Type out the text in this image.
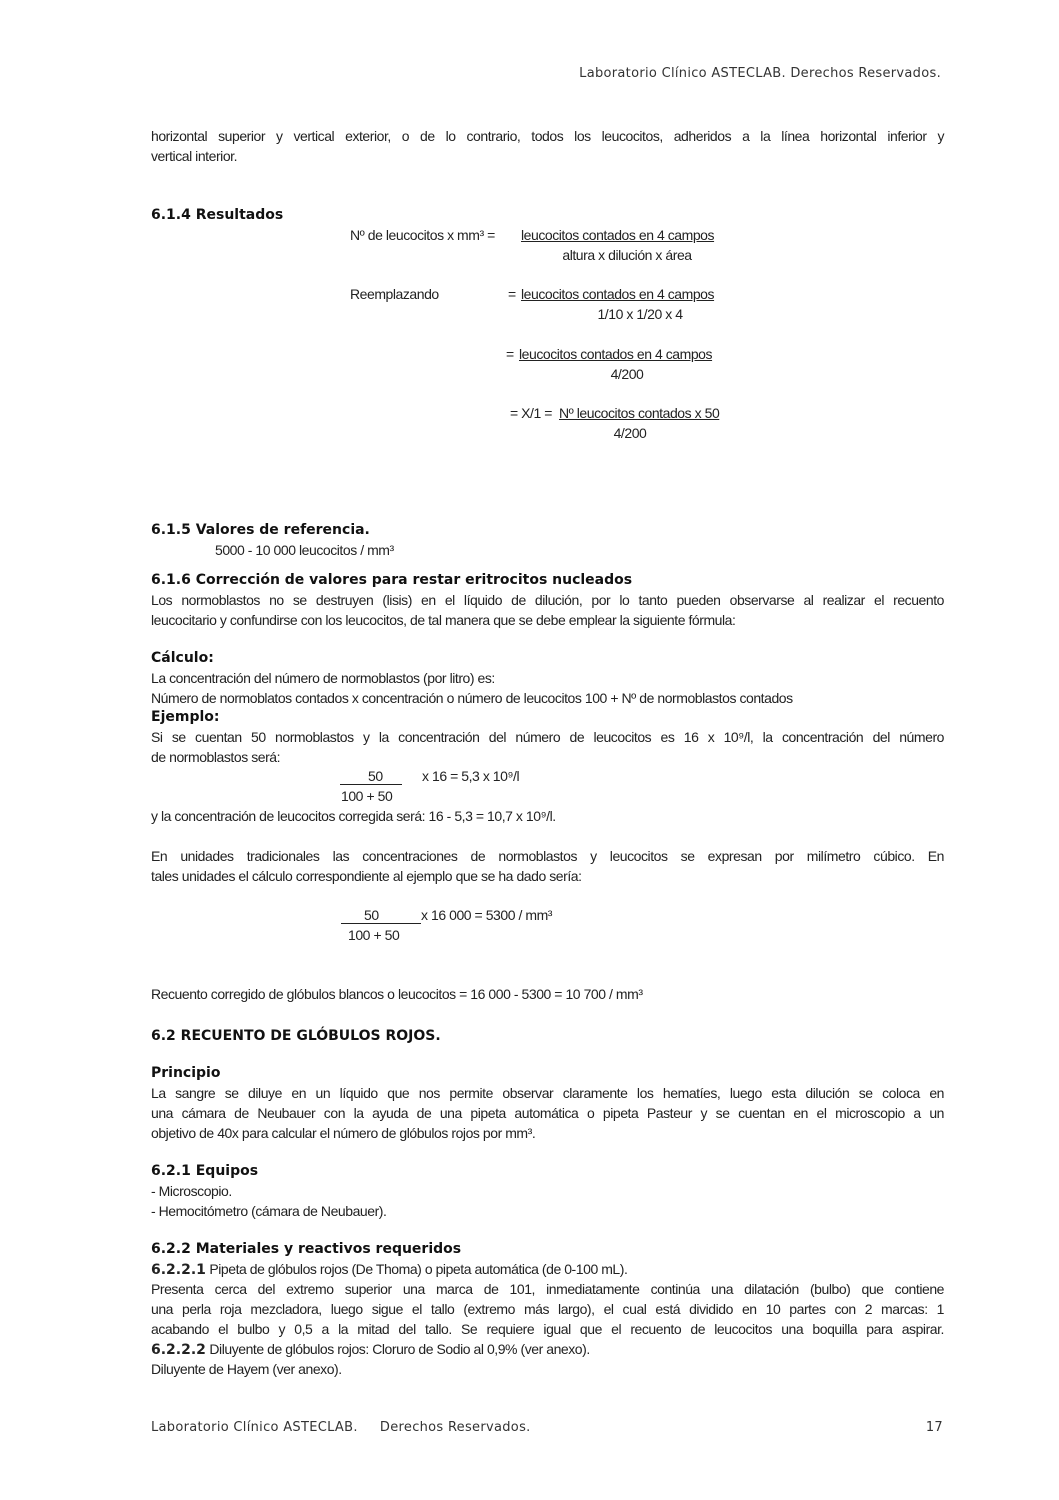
Laboratorio Clínico ASTECLAB. Derechos Reservados.
horizontal superior y vertical exterior, o de lo contrario, todos los leucocitos, adheridos a la línea horizontal inferior y
vertical interior.
6.1.4 Resultados
Nº de leucocitos x mm³ = leucocitos contados en 4 campos
altura x dilución x área
Reemplazando	= leucocitos contados en 4 campos
1/10 x 1/20 x 4
= leucocitos contados en 4 campos
4/200
= X/1 = Nº leucocitos contados x 50
4/200
6.1.5 Valores de referencia.
5000 - 10 000 leucocitos / mm³
6.1.6 Corrección de valores para restar eritrocitos nucleados
Los normoblastos no se destruyen (lisis) en el líquido de dilución, por lo tanto pueden observarse al realizar el recuento
leucocitario y confundirse con los leucocitos, de tal manera que se debe emplear la siguiente fórmula:
Cálculo:
La concentración del número de normoblastos (por litro) es:
Número de normoblatos contados x concentración o número de leucocitos 100 + Nº de normoblastos contados
Ejemplo:
Si se cuentan 50 normoblastos y la concentración del número de leucocitos es 16 x 10⁹/l, la concentración del número
de normoblastos será:
50	x 16 = 5,3 x 10⁹/l
100 + 50
y la concentración de leucocitos corregida será: 16 - 5,3 = 10,7 x 10⁹/l.
En unidades tradicionales las concentraciones de normoblastos y leucocitos se expresan por milímetro cúbico. En
tales unidades el cálculo correspondiente al ejemplo que se ha dado sería:
50	x 16 000 = 5300 / mm³
100 + 50
Recuento corregido de glóbulos blancos o leucocitos = 16 000 - 5300 = 10 700 / mm³
6.2 RECUENTO DE GLÓBULOS ROJOS.
Principio
La sangre se diluye en un líquido que nos permite observar claramente los hematíes, luego esta dilución se coloca en
una cámara de Neubauer con la ayuda de una pipeta automática o pipeta Pasteur y se cuentan en el microscopio a un
objetivo de 40x para calcular el número de glóbulos rojos por mm³.
6.2.1 Equipos
- Microscopio.
- Hemocitómetro (cámara de Neubauer).
6.2.2 Materiales y reactivos requeridos
6.2.2.1 Pipeta de glóbulos rojos (De Thoma) o pipeta automática (de 0-100 mL).
Presenta cerca del extremo superior una marca de 101, inmediatamente continúa una dilatación (bulbo) que contiene
una perla roja mezcladora, luego sigue el tallo (extremo más largo), el cual está dividido en 10 partes con 2 marcas: 1
acabando el bulbo y 0,5 a la mitad del tallo. Se requiere igual que el recuento de leucocitos una boquilla para aspirar.
6.2.2.2 Diluyente de glóbulos rojos: Cloruro de Sodio al 0,9% (ver anexo).
Diluyente de Hayem (ver anexo).
Laboratorio Clínico ASTECLAB.     Derechos Reservados.	17
